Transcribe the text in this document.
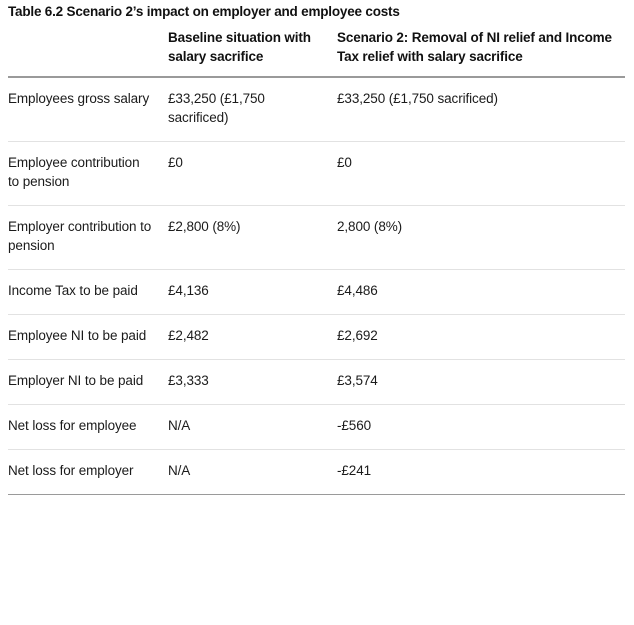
Table 6.2 Scenario 2’s impact on employer and employee costs
	Baseline situation with salary sacrifice	Scenario 2: Removal of NI relief and Income Tax relief with salary sacrifice
Employees gross salary	£33,250 (£1,750 sacrificed)	£33,250 (£1,750 sacrificed)
Employee contribution to pension	£0	£0
Employer contribution to pension	£2,800 (8%)	2,800 (8%)
Income Tax to be paid	£4,136	£4,486
Employee NI to be paid	£2,482	£2,692
Employer NI to be paid	£3,333	£3,574
Net loss for employee	N/A	-£560
Net loss for employer	N/A	-£241
